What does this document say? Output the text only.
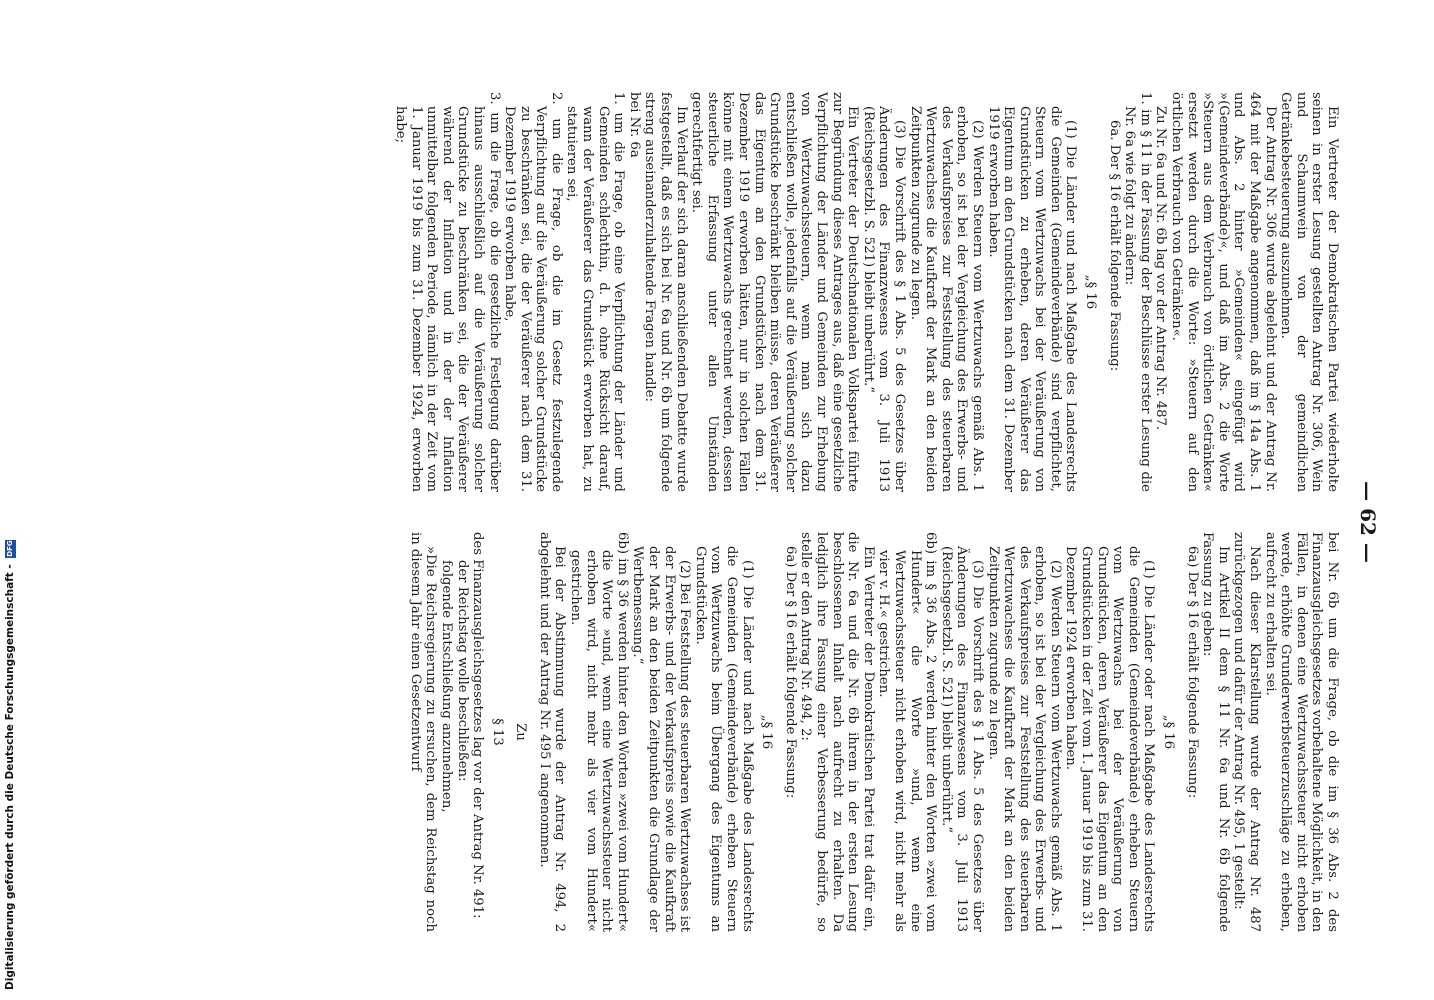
— 62 —

Ein Vertreter der Demokratischen Partei wiederholte seinen in erster Lesung gestellten Antrag Nr. 306, Wein und Schaumwein von der gemeindlichen Getränkebesteuerung auszunehmen.

Der Antrag Nr. 306 wurde abgelehnt und der Antrag Nr. 464 mit der Maßgabe angenommen, daß im § 14a Abs. 1 und Abs. 2 hinter »Gemeinden« eingefügt wird »(Gemeindeverbände)«, und daß im Abs. 2 die Worte »Steuern aus dem Verbrauch von örtlichen Getränken« ersetzt werden durch die Worte: »Steuern auf den örtlichen Verbrauch von Getränken«.

Zu Nr. 6a und Nr. 6b lag vor der Antrag Nr. 487.

1. im § 11 in der Fassung der Beschlüsse erster Lesung die Nr. 6a wie folgt zu ändern:

6a. Der § 16 erhält folgende Fassung:

„§ 16

(1) Die Länder und nach Maßgabe des Landesrechts die Gemeinden (Gemeindeverbände) sind verpflichtet, Steuern vom Wertzuwachs bei der Veräußerung von Grundstücken zu erheben, deren Veräußerer das Eigentum an den Grundstücken nach dem 31. Dezember 1919 erworben haben.

(2) Werden Steuern vom Wertzuwachs gemäß Abs. 1 erhoben, so ist bei der Vergleichung des Erwerbs- und des Verkaufspreises zur Feststellung des steuerbaren Wertzuwachses die Kaufkraft der Mark an den beiden Zeitpunkten zugrunde zu legen.

(3) Die Vorschrift des § 1 Abs. 5 des Gesetzes über Änderungen des Finanzwesens vom 3. Juli 1913 (Reichsgesetzbl. S. 521) bleibt unberührt.“

Ein Vertreter der Deutschnationalen Volkspartei führte zur Begründung dieses Antrages aus, daß eine gesetzliche Verpflichtung der Länder und Gemeinden zur Erhebung von Wertzuwachssteuern, wenn man sich dazu entschließen wolle, jedenfalls auf die Veräußerung solcher Grundstücke beschränkt bleiben müsse, deren Veräußerer das Eigentum an den Grundstücken nach dem 31. Dezember 1919 erworben hätten, nur in solchen Fällen könne mit einem Wertzuwachs gerechnet werden, dessen steuerliche Erfassung unter allen Umständen gerechtfertigt sei.

Im Verlauf der sich daran anschließenden Debatte wurde festgestellt, daß es sich bei Nr. 6a und Nr. 6b um folgende streng auseinanderzuhaltende Fragen handle:

bei Nr. 6a

1. um die Frage, ob eine Verpflichtung der Länder und Gemeinden schlechthin, d. h. ohne Rücksicht darauf, wann der Veräußerer das Grundstück erworben hat, zu statuieren sei,

2. um die Frage, ob die im Gesetz festzulegende Verpflichtung auf die Veräußerung solcher Grundstücke zu beschränken sei, die der Veräußerer nach dem 31. Dezember 1919 erworben habe,

3. um die Frage, ob die gesetzliche Festlegung darüber hinaus ausschließlich auf die Veräußerung solcher Grundstücke zu beschränken sei, die der Veräußerer während der Inflation und in der der Inflation unmittelbar folgenden Periode, nämlich in der Zeit vom 1. Januar 1919 bis zum 31. Dezember 1924, erworben habe;

bei Nr. 6b um die Frage, ob die im § 36 Abs. 2 des Finanzausgleichsgesetzes vorbehaltene Möglichkeit, in den Fällen, in denen eine Wertzuwachssteuer nicht erhoben werde, erhöhte Grunderwerbsteuerzuschläge zu erheben, aufrecht zu erhalten sei.

Nach dieser Klarstellung wurde der Antrag Nr. 487 zurückgezogen und dafür der Antrag Nr. 495, 1 gestellt:

Im Artikel II dem § 11 Nr. 6a und Nr. 6b folgende Fassung zu geben:

6a) Der § 16 erhält folgende Fassung:

„§ 16

(1) Die Länder oder nach Maßgabe des Landesrechts die Gemeinden (Gemeindeverbände) erheben Steuern vom Wertzuwachs bei der Veräußerung von Grundstücken, deren Veräußerer das Eigentum an den Grundstücken in der Zeit vom 1. Januar 1919 bis zum 31. Dezember 1924 erworben haben.

(2) Werden Steuern vom Wertzuwachs gemäß Abs. 1 erhoben, so ist bei der Vergleichung des Erwerbs- und des Verkaufspreises zur Feststellung des steuerbaren Wertzuwachses die Kaufkraft der Mark an den beiden Zeitpunkten zugrunde zu legen.

(3) Die Vorschrift des § 1 Abs. 5 des Gesetzes über Änderungen des Finanzwesens vom 3. Juli 1913 (Reichsgesetzbl. S. 521) bleibt unberührt.“

6b) im § 36 Abs. 2 werden hinter den Worten »zwei vom Hundert« die Worte »und, wenn eine Wertzuwachssteuer nicht erhoben wird, nicht mehr als vier v. H.« gestrichen.

Ein Vertreter der Demokratischen Partei trat dafür ein, die Nr. 6a und die Nr. 6b ihrem in der ersten Lesung beschlossenen Inhalt nach aufrecht zu erhalten. Da lediglich ihre Fassung einer Verbesserung bedürfe, so stelle er den Antrag Nr. 494, 2:

6a) Der § 16 erhält folgende Fassung:

„§ 16

(1) Die Länder und nach Maßgabe des Landesrechts die Gemeinden (Gemeindeverbände) erheben Steuern vom Wertzuwachs beim Übergang des Eigentums an Grundstücken.

(2) Bei Feststellung des steuerbaren Wertzuwachses ist der Erwerbs- und der Verkaufspreis sowie die Kaufkraft der Mark an den beiden Zeitpunkten die Grundlage der Wertbemessung.“

6b) im § 36 werden hinter den Worten »zwei vom Hundert« die Worte »und, wenn eine Wertzuwachssteuer nicht erhoben wird, nicht mehr als vier vom Hundert« gestrichen.

Bei der Abstimmung wurde der Antrag Nr. 494, 2 abgelehnt und der Antrag Nr. 495 I angenommen.

Zu

§ 13

des Finanzausgleichsgesetzes lag vor der Antrag Nr. 491:

der Reichstag wolle beschließen:

folgende Entschließung anzunehmen,

»Die Reichsregierung zu ersuchen, dem Reichstag noch in diesem Jahr einen Gesetzentwurf

Digitalisierung gefördert durch die Deutsche Forschungsgemeinschaft - DFG
